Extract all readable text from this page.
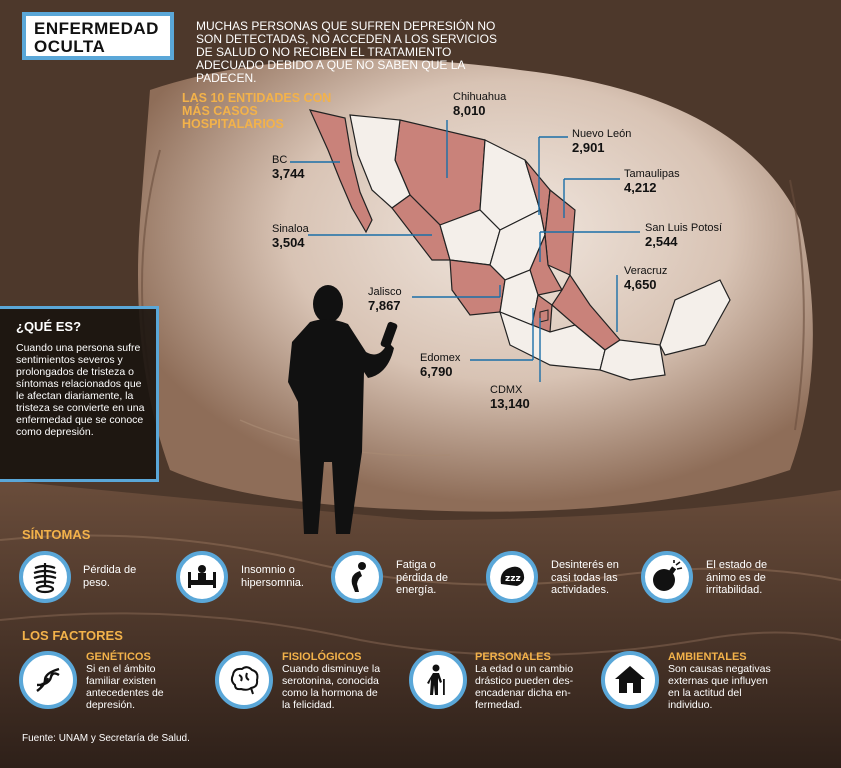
ENFERMEDAD
OCULTA
MUCHAS PERSONAS QUE SUFREN DEPRESIÓN NO SON DETECTADAS, NO ACCEDEN A LOS SERVICIOS DE SALUD O NO RECIBEN EL TRATAMIENTO ADECUADO DEBIDO A QUE NO SABEN QUE LA PADECEN.
LAS 10 ENTIDADES CON MÁS CASOS HOSPITALARIOS
Chihuahua
8,010
Nuevo León
2,901
BC
3,744	Tamaulipas
4,212
Sinaloa
3,504
San Luis Potosí
2,544
Veracruz
4,650
Jalisco
7,867
Edomex
6,790
CDMX
13,140
¿QUÉ ES?
Cuando una persona sufre sentimientos severos y prolongados de tristeza o síntomas relacionados que le afectan diariamente, la tristeza se convierte en una enfermedad que se conoce como depresión.
SÍNTOMAS
Pérdida de peso.
Insomnio o hipersomnia.
Fatiga o pérdida de energía.
zzz
Desinterés en casi todas las actividades.
El estado de ánimo es de irritabilidad.
LOS FACTORES
GENÉTICOS
Si en el ámbito familiar existen antecedentes de depresión.
FISIOLÓGICOS
Cuando disminuye la serotonina, conocida como la hormona de la felicidad.
PERSONALES
La edad o un cambio drástico pueden des-encadenar dicha en-fermedad.
AMBIENTALES
Son causas negativas externas que influyen en la actitud del individuo.
Fuente: UNAM y Secretaría de Salud.
